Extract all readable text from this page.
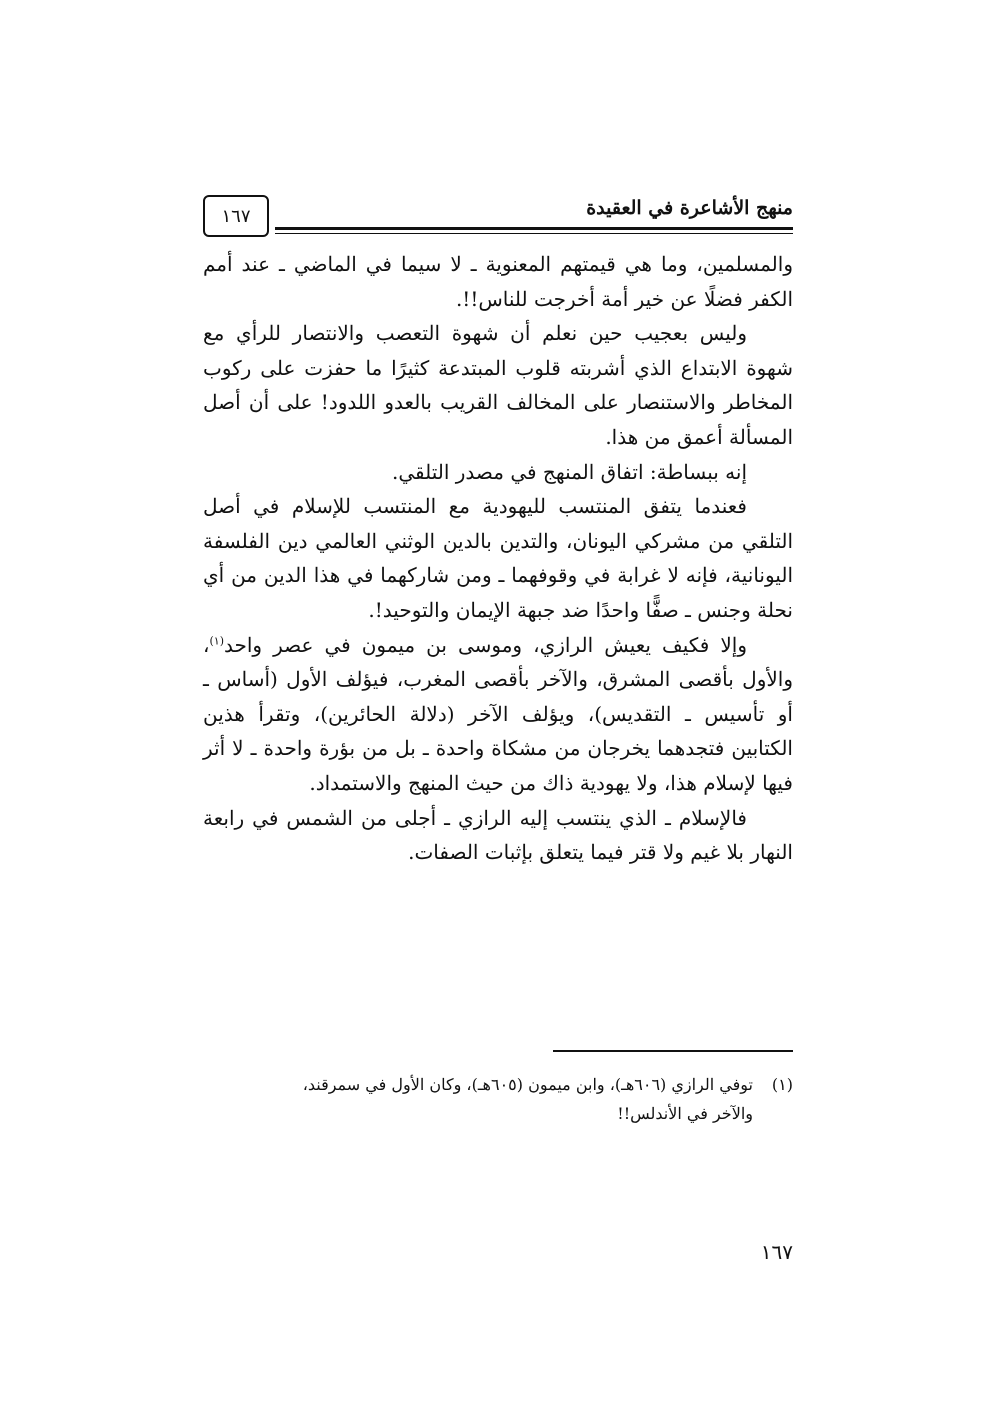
١٦٧	منهج الأشاعرة في العقيدة

والمسلمين، وما هي قيمتهم المعنوية ـ لا سيما في الماضي ـ عند أمم الكفر فضلًا عن خير أمة أخرجت للناس!!.

وليس بعجيب حين نعلم أن شهوة التعصب والانتصار للرأي مع شهوة الابتداع الذي أشربته قلوب المبتدعة كثيرًا ما حفزت على ركوب المخاطر والاستنصار على المخالف القريب بالعدو اللدود! على أن أصل المسألة أعمق من هذا.

إنه ببساطة: اتفاق المنهج في مصدر التلقي.

فعندما يتفق المنتسب لليهودية مع المنتسب للإسلام في أصل التلقي من مشركي اليونان، والتدين بالدين الوثني العالمي دين الفلسفة اليونانية، فإنه لا غرابة في وقوفهما ـ ومن شاركهما في هذا الدين من أي نحلة وجنس ـ صفًّا واحدًا ضد جبهة الإيمان والتوحيد!.

وإلا فكيف يعيش الرازي، وموسى بن ميمون في عصر واحد$^{(١)}$، والأول بأقصى المشرق، والآخر بأقصى المغرب، فيؤلف الأول (أساس ـ أو تأسيس ـ التقديس)، ويؤلف الآخر (دلالة الحائرين)، وتقرأ هذين الكتابين فتجدهما يخرجان من مشكاة واحدة ـ بل من بؤرة واحدة ـ لا أثر فيها لإسلام هذا، ولا يهودية ذاك من حيث المنهج والاستمداد.

فالإسلام ـ الذي ينتسب إليه الرازي ـ أجلى من الشمس في رابعة النهار بلا غيم ولا قتر فيما يتعلق بإثبات الصفات.

(١)توفي الرازي (٦٠٦هـ)، وابن ميمون (٦٠٥هـ)، وكان الأول في سمرقند،
والآخر في الأندلس!!
١٦٧
